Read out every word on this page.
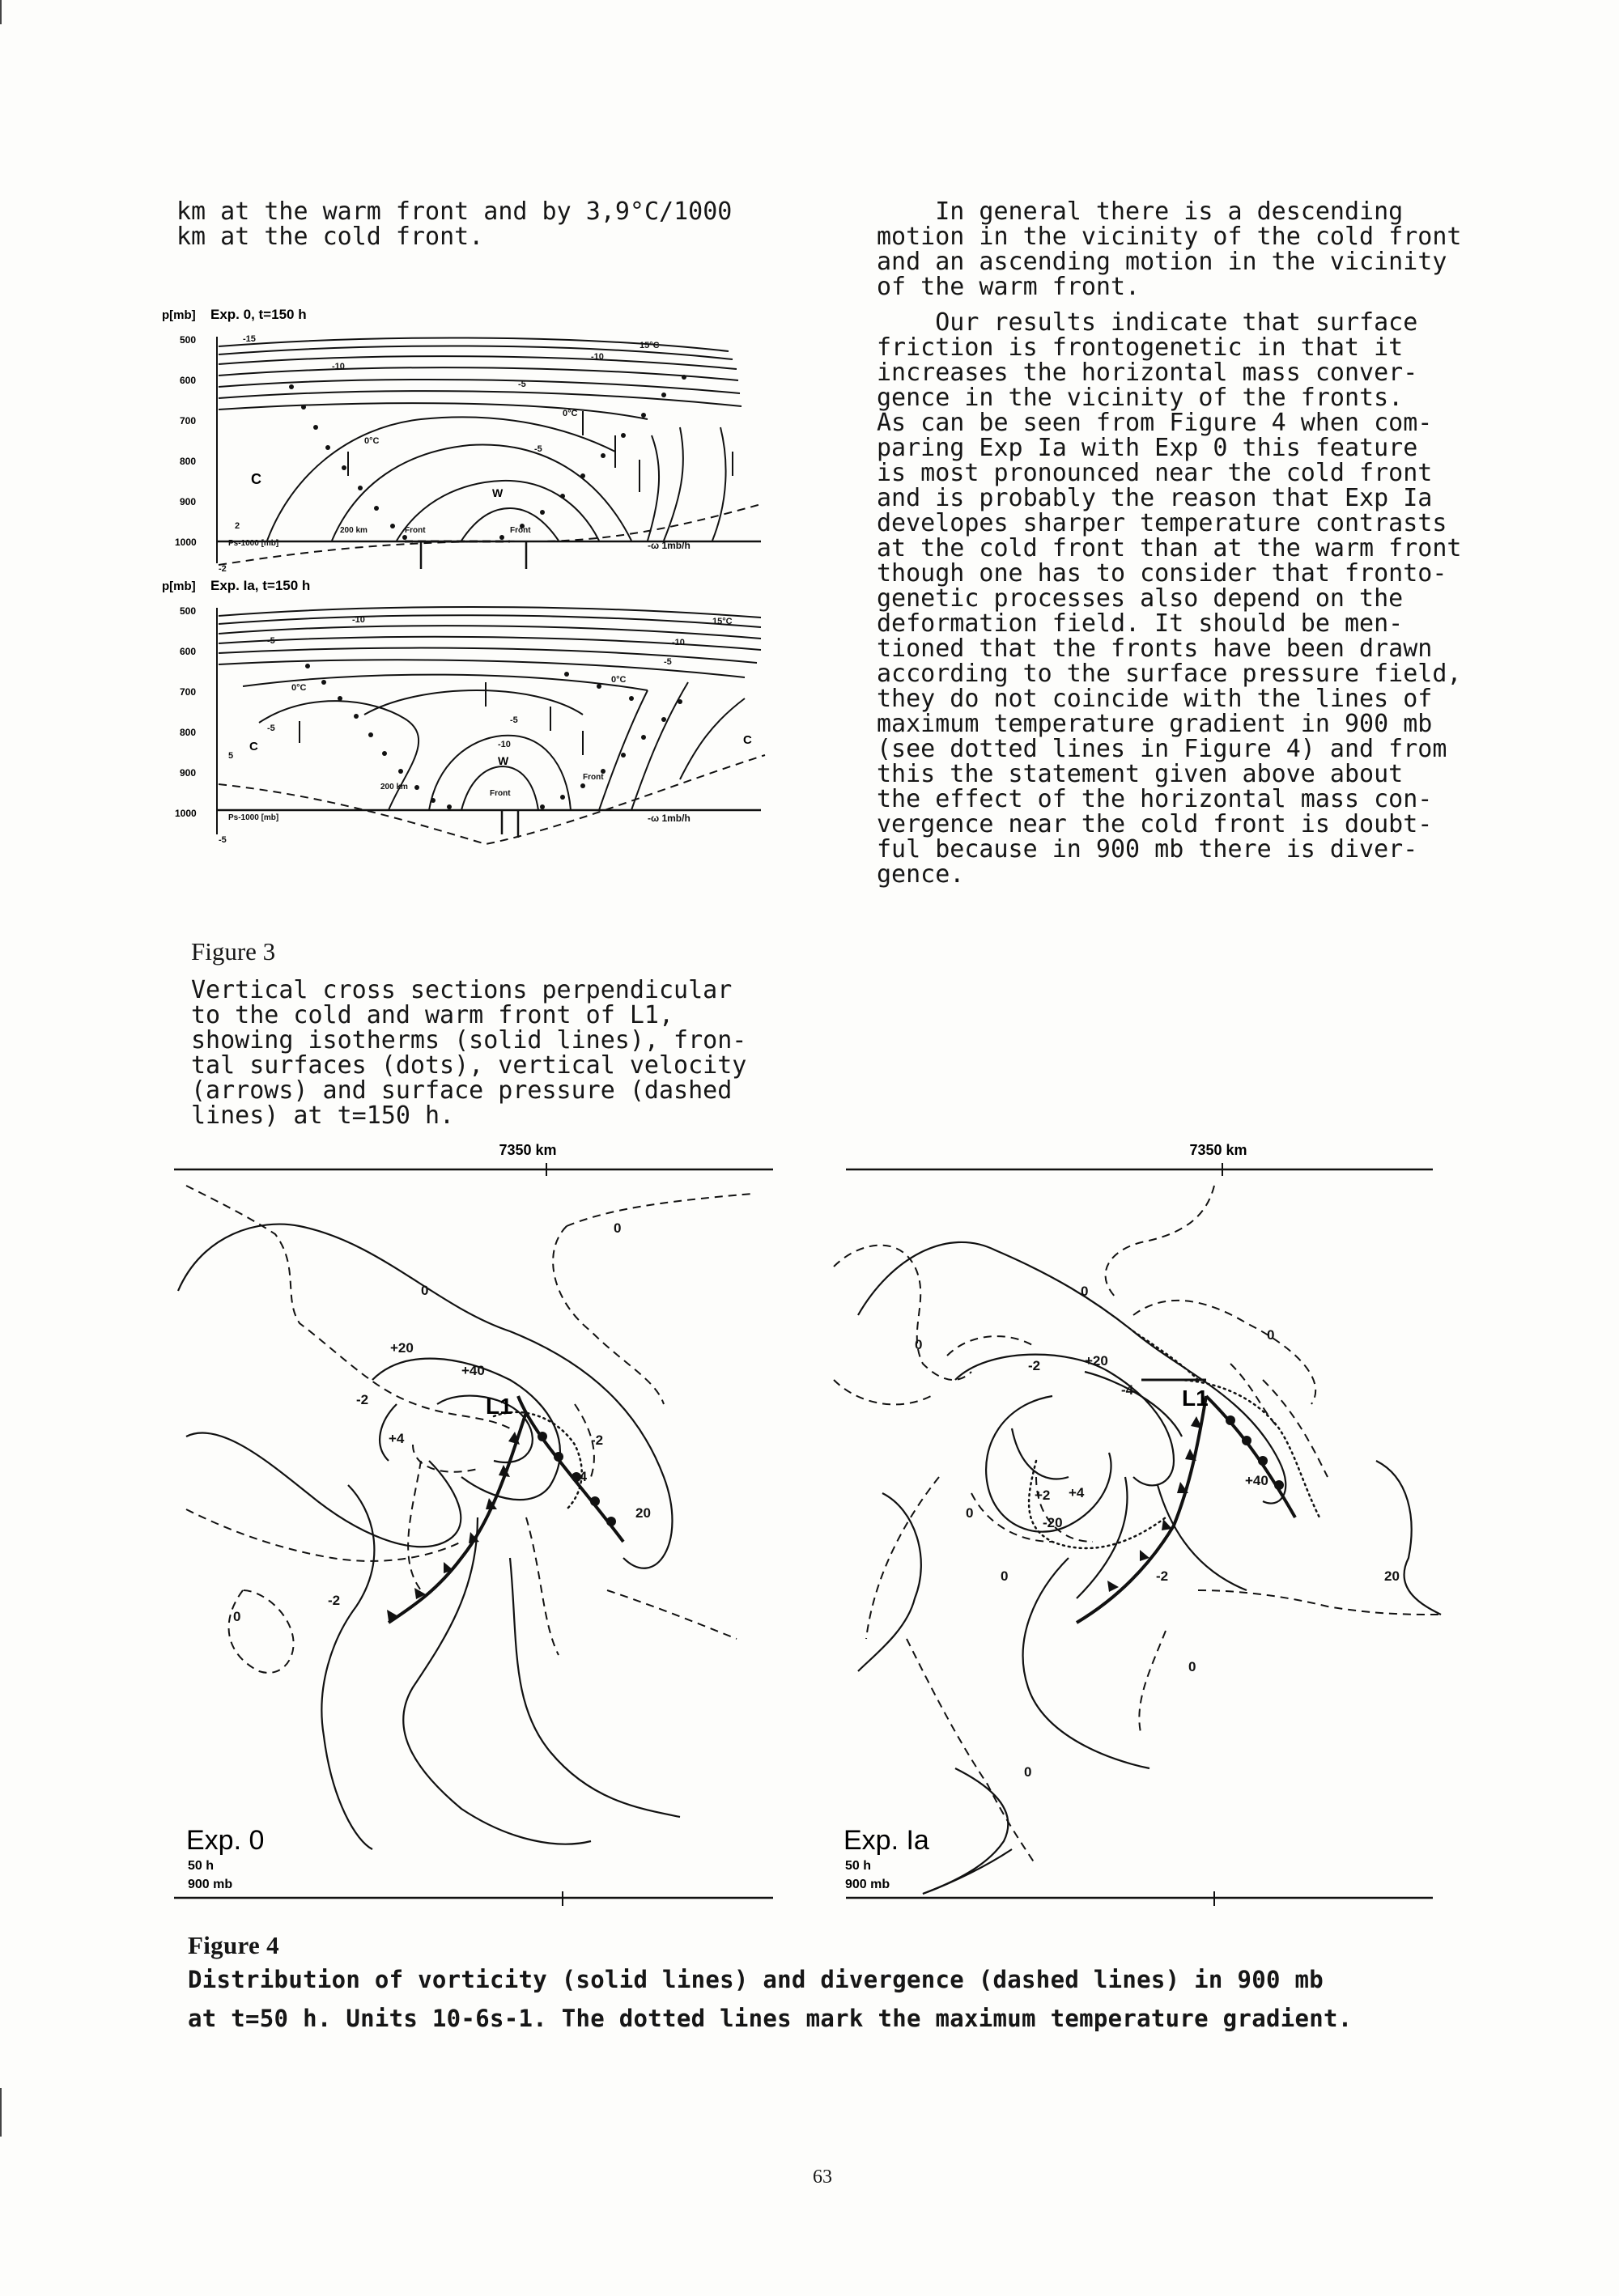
km at the warm front and by 3,9°C/1000
km at the cold front.
In general there is a descending
motion in the vicinity of the cold front
and an ascending motion in the vicinity
of the warm front.
Our results indicate that surface
friction is frontogenetic in that it
increases the horizontal mass conver-
gence in the vicinity of the fronts.
As can be seen from Figure 4 when com-
paring Exp Ia with Exp 0 this feature
is most pronounced near the cold front
and is probably the reason that Exp Ia
developes sharper temperature contrasts
at the cold front than at the warm front
though one has to consider that fronto-
genetic processes also depend on the
deformation field. It should be men-
tioned that the fronts have been drawn
according to the surface pressure field,
they do not coincide with the lines of
maximum temperature gradient in 900 mb
(see dotted lines in Figure 4) and from
this the statement given above about
the effect of the horizontal mass con-
vergence near the cold front is doubt-
ful because in 900 mb there is diver-
gence.
p[mb] Exp. 0, t=150 h
500
600
700
800
900
1000
-15
-10
-10
-5
15°C
0°C
0°C
-5
2
-2
Ps-1000 [mb]
200 km	Front	Front
-ω 1mb/h
C
W
p[mb] Exp. Ia, t=150 h
500
600
700
800
900
1000
-10
-5
15°C
-10
-5
0°C
0°C
-5
-5
-10
5
-5
Ps-1000 [mb]
200 km
Front
Front
-ω 1mb/h
C
W
C
Figure 3
Vertical cross sections perpendicular
to the cold and warm front of L1,
showing isotherms (solid lines), fron-
tal surfaces (dots), vertical velocity
(arrows) and surface pressure (dashed
lines) at t=150 h.
7350 km
0
0
+20
+40
-2
+4	-2
-4
20
-2
0
L1
Exp. 0
50 h
900 mb
7350 km
0
0
0
-2	+20
-4
+40
+2 +4
-20
0
-2
0	20
0
0
L1
Exp. Ia
50 h
900 mb
Figure 4
Distribution of vorticity (solid lines) and divergence (dashed lines) in 900 mb
at t=50 h. Units 10-6s-1. The dotted lines mark the maximum temperature gradient.
63
